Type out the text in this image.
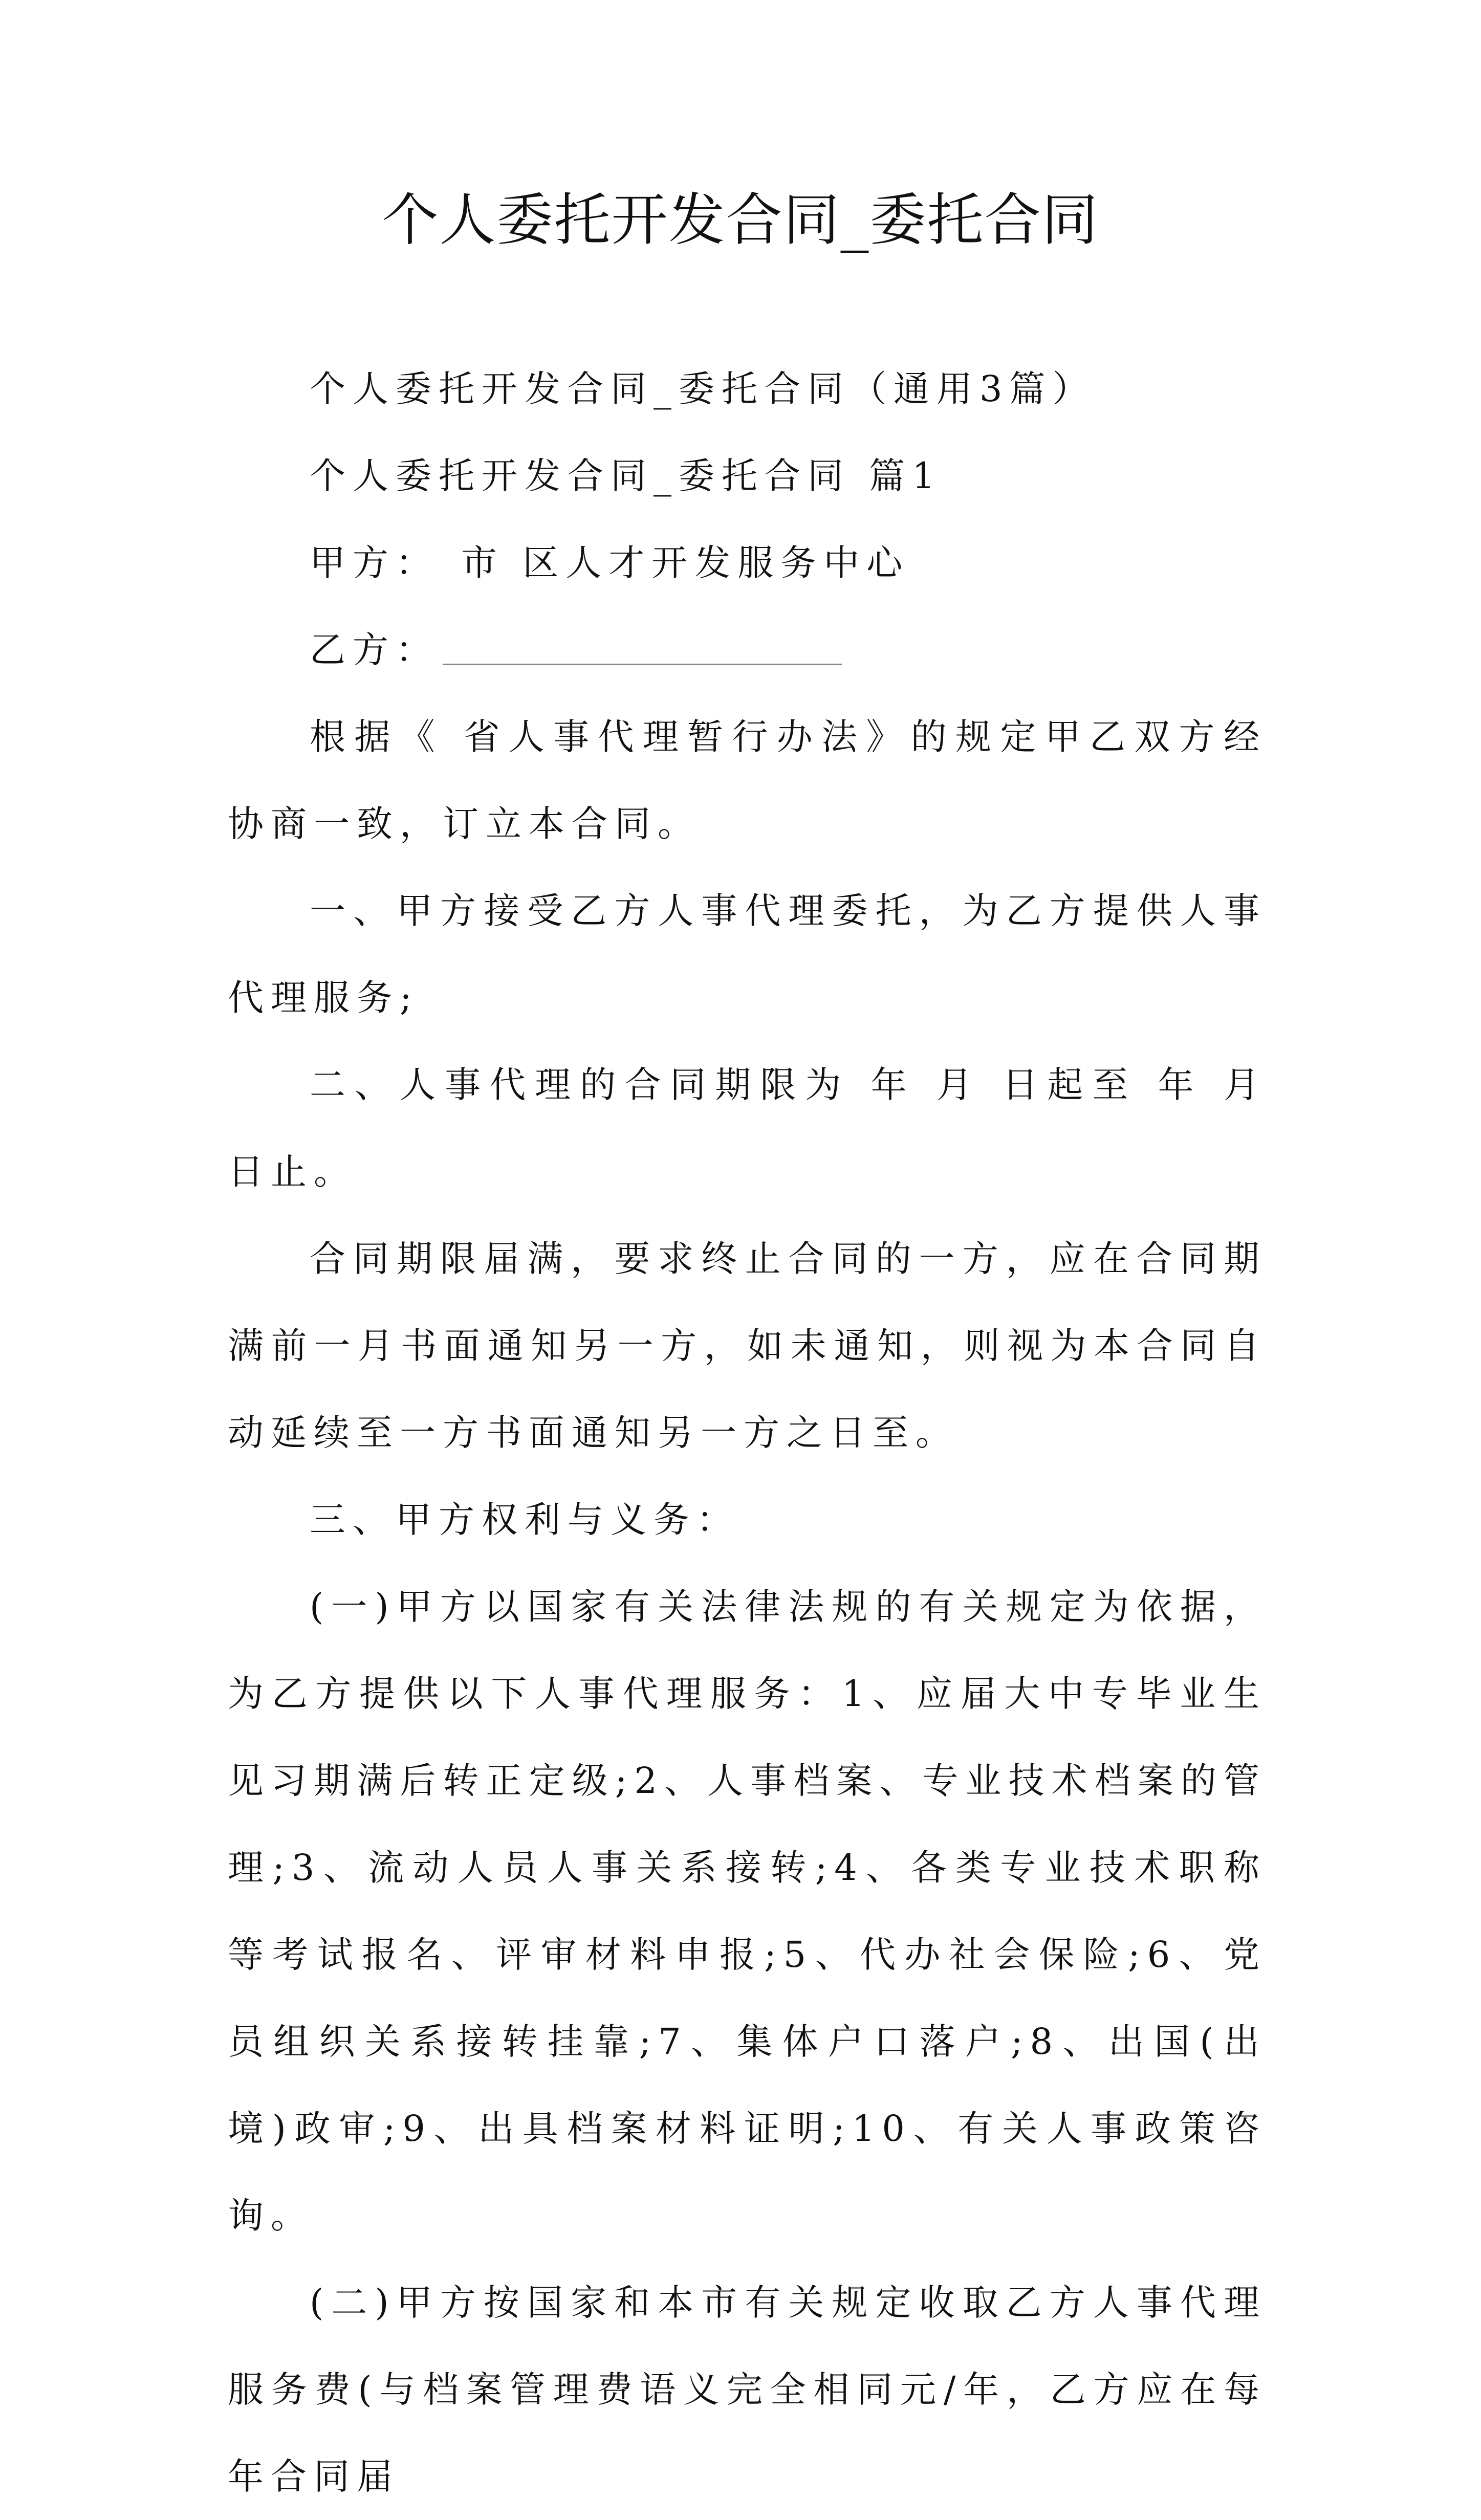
个人委托开发合同_委托合同

个人委托开发合同_委托合同（通用3篇）

个人委托开发合同_委托合同 篇1

甲方： 市 区人才开发服务中心

乙方：

根据《 省人事代理暂行办法》的规定甲乙双方经协商一致，订立本合同。

一、甲方接受乙方人事代理委托，为乙方提供人事代理服务;

二、人事代理的合同期限为 年 月 日起至 年 月 日止。

合同期限届满，要求终止合同的一方，应在合同期满前一月书面通知另一方，如未通知，则视为本合同自动延续至一方书面通知另一方之日至。

三、甲方权利与义务：

(一)甲方以国家有关法律法规的有关规定为依据，为乙方提供以下人事代理服务：1、应届大中专毕业生见习期满后转正定级;2、人事档案、专业技术档案的管理;3、流动人员人事关系接转;4、各类专业技术职称等考试报名、评审材料申报;5、代办社会保险;6、党员组织关系接转挂靠;7、集体户口落户;8、出国(出境)政审;9、出具档案材料证明;10、有关人事政策咨询。

(二)甲方按国家和本市有关规定收取乙方人事代理服务费(与档案管理费语义完全相同元/年，乙方应在每年合同届
